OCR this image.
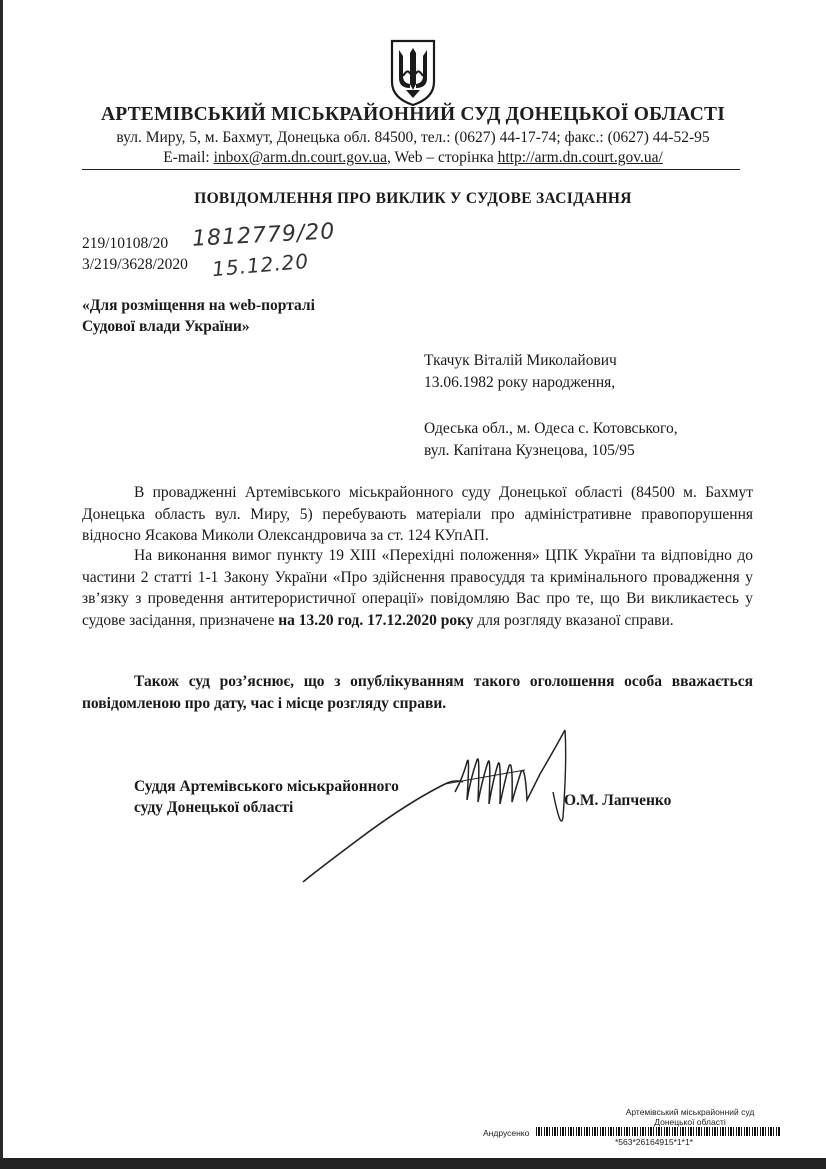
АРТЕМІВСЬКИЙ МІСЬКРАЙОННИЙ СУД ДОНЕЦЬКОЇ ОБЛАСТІ
вул. Миру, 5, м. Бахмут, Донецька обл. 84500, тел.: (0627) 44-17-74; факс.: (0627) 44-52-95
E-mail: inbox@arm.dn.court.gov.ua, Web – сторінка http://arm.dn.court.gov.ua/
ПОВІДОМЛЕННЯ ПРО ВИКЛИК У СУДОВЕ ЗАСІДАННЯ
219/10108/20
3/219/3628/2020
1812779/20
15.12.20
«Для розміщення на web-порталі
Судової влади України»
Ткачук Віталій Миколайович
13.06.1982 року народження,
Одеська обл., м. Одеса с. Котовського,
вул. Капітана Кузнецова, 105/95
В провадженні Артемівського міськрайонного суду Донецької області (84500 м. Бахмут Донецька область вул. Миру, 5) перебувають матеріали про адміністративне правопорушення відносно Ясакова Миколи Олександровича за ст. 124 КУпАП.
На виконання вимог пункту 19 ХІІІ «Перехідні положення» ЦПК України та відповідно до частини 2 статті 1-1 Закону України «Про здійснення правосуддя та кримінального провадження у зв’язку з проведення антитерористичної операції» повідомляю Вас про те, що Ви викликаєтесь у судове засідання, призначене на 13.20 год. 17.12.2020 року для розгляду вказаної справи.
Також суд роз’яснює, що з опублікуванням такого оголошення особа вважається повідомленою про дату, час і місце розгляду справи.
Суддя Артемівського міськрайонного
суду Донецької області	О.М. Лапченко
Артемівський міськрайонний суд
Донецької області
Андрусенко
*563*26164915*1*1*
